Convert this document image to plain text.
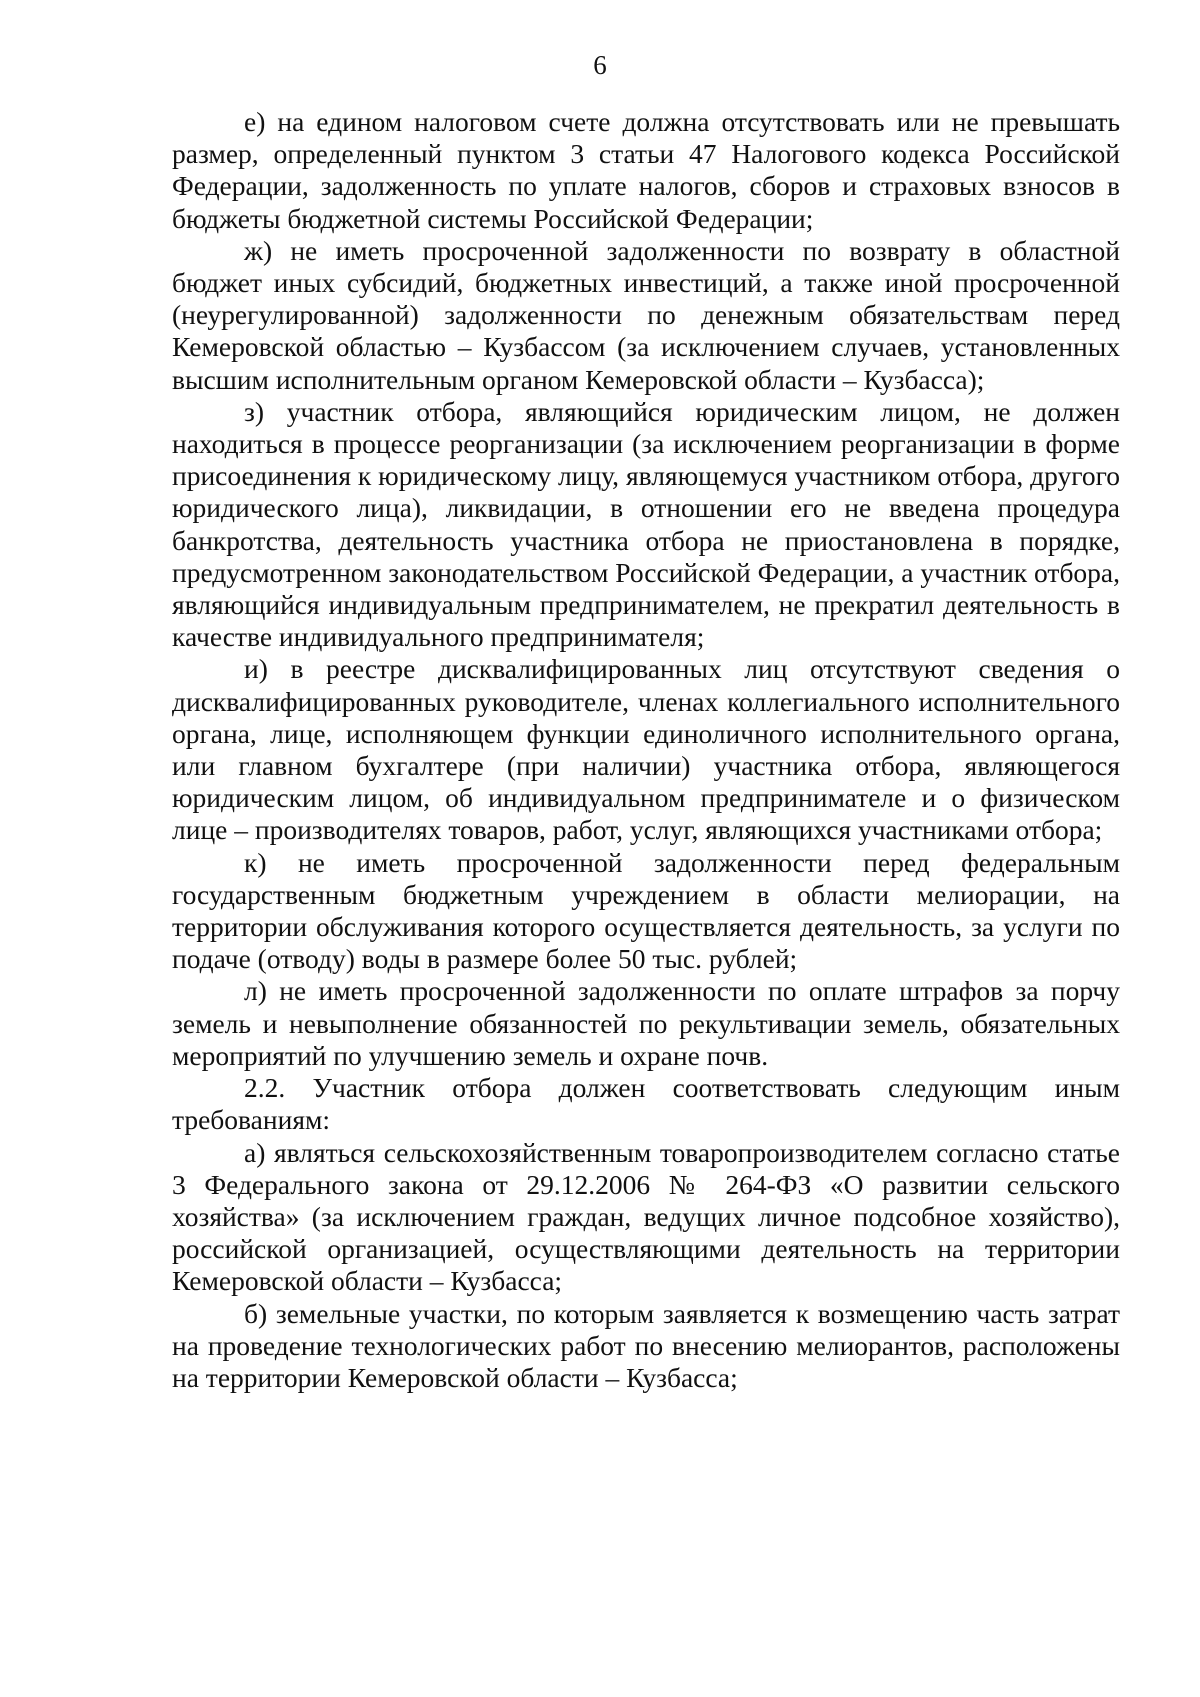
6

е) на едином налоговом счете должна отсутствовать или не превышать размер, определенный пунктом 3 статьи 47 Налогового кодекса Российской Федерации, задолженность по уплате налогов, сборов и страховых взносов в бюджеты бюджетной системы Российской Федерации;

ж) не иметь просроченной задолженности по возврату в областной бюджет иных субсидий, бюджетных инвестиций, а также иной просроченной (неурегулированной) задолженности по денежным обязательствам перед Кемеровской областью – Кузбассом (за исключением случаев, установленных высшим исполнительным органом Кемеровской области – Кузбасса);

з) участник отбора, являющийся юридическим лицом, не должен находиться в процессе реорганизации (за исключением реорганизации в форме присоединения к юридическому лицу, являющемуся участником отбора, другого юридического лица), ликвидации, в отношении его не введена процедура банкротства, деятельность участника отбора не приостановлена в порядке, предусмотренном законодательством Российской Федерации, а участник отбора, являющийся индивидуальным предпринимателем, не прекратил деятельность в качестве индивидуального предпринимателя;

и) в реестре дисквалифицированных лиц отсутствуют сведения о дисквалифицированных руководителе, членах коллегиального исполнительного органа, лице, исполняющем функции единоличного исполнительного органа, или главном бухгалтере (при наличии) участника отбора, являющегося юридическим лицом, об индивидуальном предпринимателе и о физическом лице – производителях товаров, работ, услуг, являющихся участниками отбора;

к) не иметь просроченной задолженности перед федеральным государственным бюджетным учреждением в области мелиорации, на территории обслуживания которого осуществляется деятельность, за услуги по подаче (отводу) воды в размере более 50 тыс. рублей;

л) не иметь просроченной задолженности по оплате штрафов за порчу земель и невыполнение обязанностей по рекультивации земель, обязательных мероприятий по улучшению земель и охране почв.

2.2. Участник отбора должен соответствовать следующим иным требованиям:

а) являться сельскохозяйственным товаропроизводителем согласно статье 3 Федерального закона от 29.12.2006 № 264-ФЗ «О развитии сельского хозяйства» (за исключением граждан, ведущих личное подсобное хозяйство), российской организацией, осуществляющими деятельность на территории Кемеровской области – Кузбасса;

б) земельные участки, по которым заявляется к возмещению часть затрат на проведение технологических работ по внесению мелиорантов, расположены на территории Кемеровской области – Кузбасса;
